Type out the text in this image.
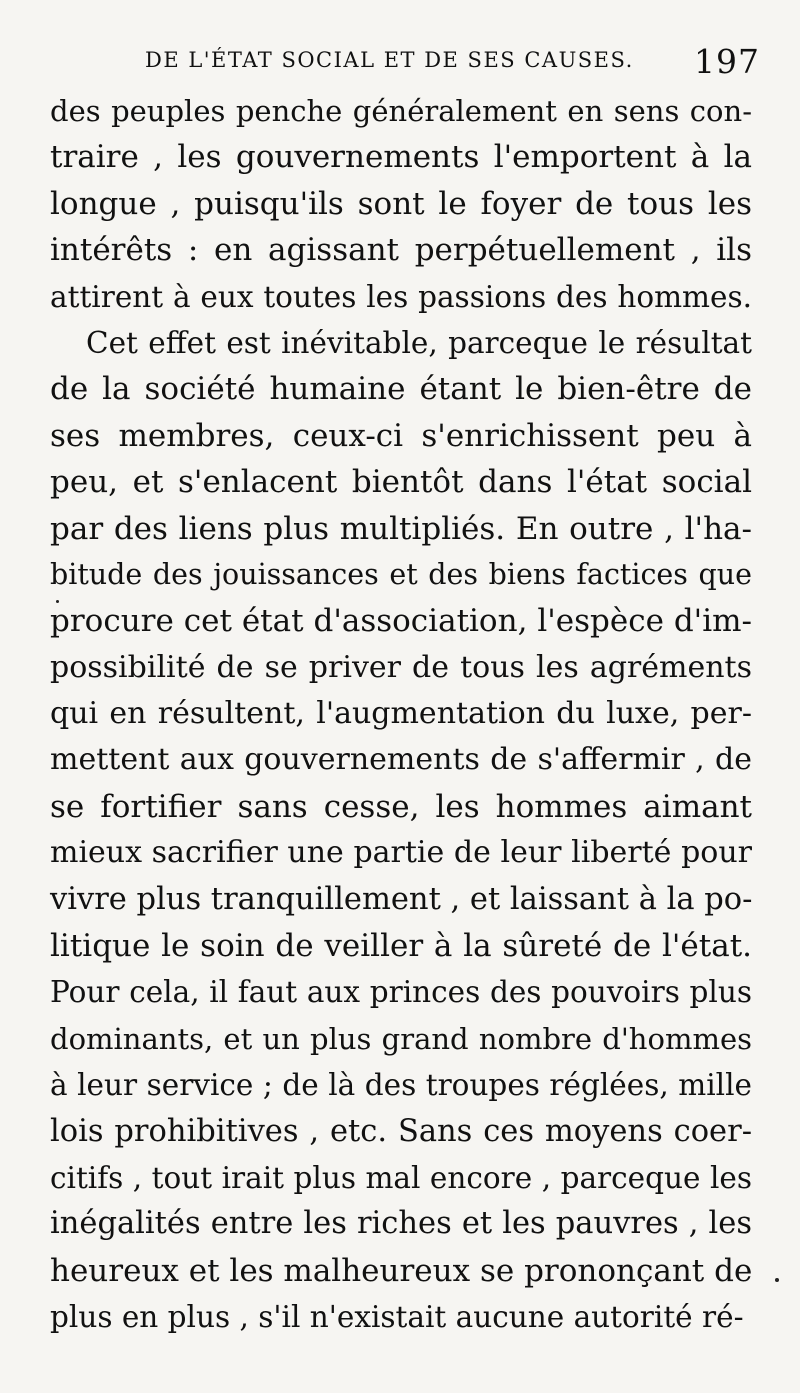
DE L'ÉTAT SOCIAL ET DE SES CAUSES. 197
des peuples penche généralement en sens con-
traire , les gouvernements l'emportent à la
longue , puisqu'ils sont le foyer de tous les
intérêts : en agissant perpétuellement , ils
attirent à eux toutes les passions des hommes.
Cet effet est inévitable, parceque le résultat
de la société humaine étant le bien-être de
ses membres, ceux-ci s'enrichissent peu à
peu, et s'enlacent bientôt dans l'état social
par des liens plus multipliés. En outre , l'ha-
bitude des jouissances et des biens factices que
procure cet état d'association, l'espèce d'im-
possibilité de se priver de tous les agréments
qui en résultent, l'augmentation du luxe, per-
mettent aux gouvernements de s'affermir , de
se fortifier sans cesse, les hommes aimant
mieux sacrifier une partie de leur liberté pour
vivre plus tranquillement , et laissant à la po-
litique le soin de veiller à la sûreté de l'état.
Pour cela, il faut aux princes des pouvoirs plus
dominants, et un plus grand nombre d'hommes
à leur service ; de là des troupes réglées, mille
lois prohibitives , etc. Sans ces moyens coer-
citifs , tout irait plus mal encore , parceque les
inégalités entre les riches et les pauvres , les
heureux et les malheureux se prononçant de
plus en plus , s'il n'existait aucune autorité ré-
